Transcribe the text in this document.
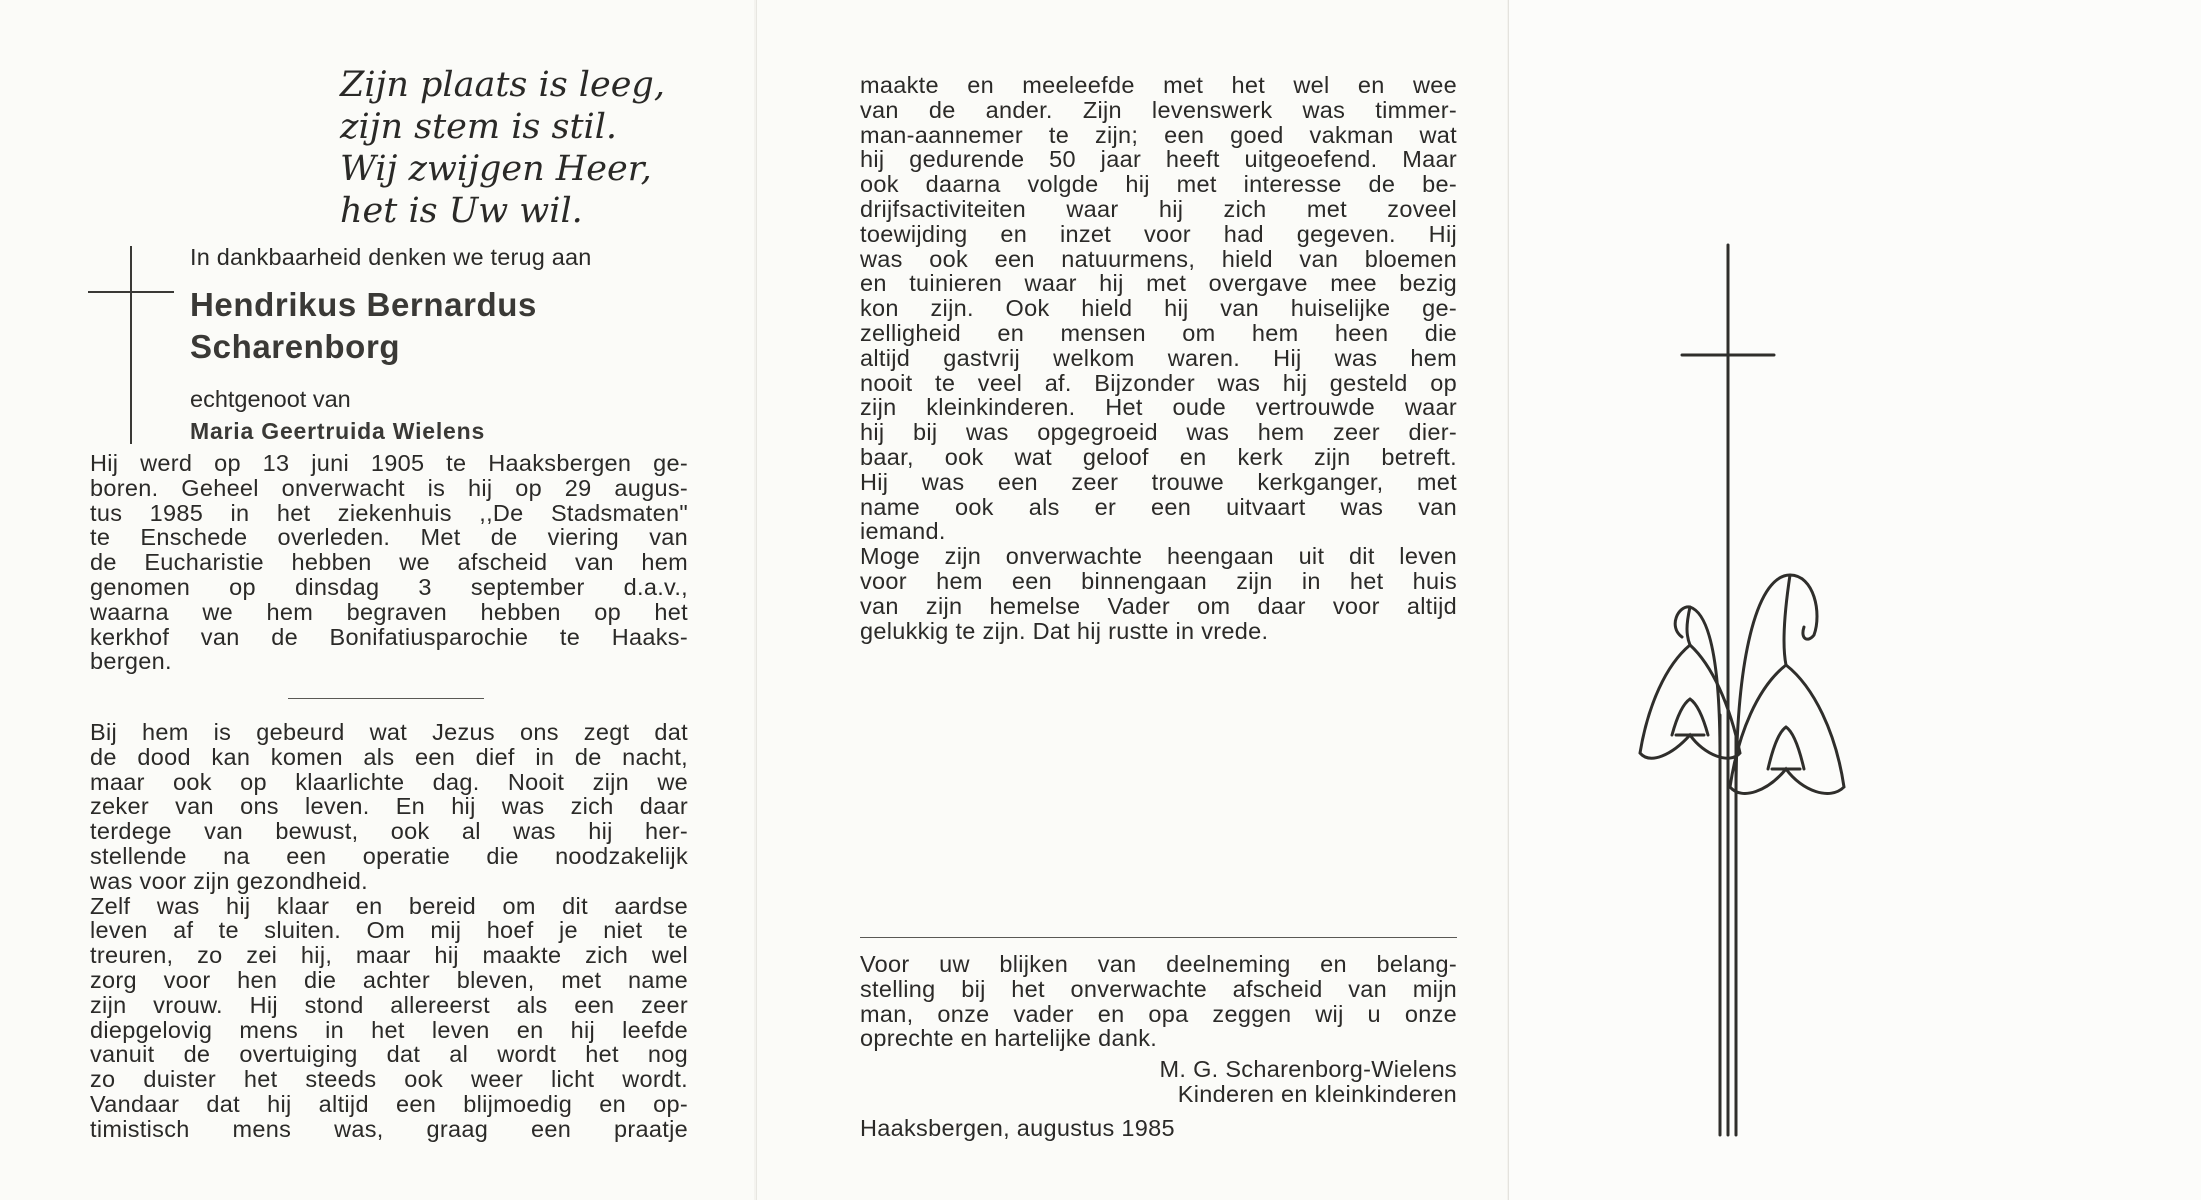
Zijn plaats is leeg,
zijn stem is stil.
Wij zwijgen Heer,
het is Uw wil.
In dankbaarheid denken we terug aan
Hendrikus Bernardus
Scharenborg
echtgenoot van
Maria Geertruida Wielens
Hij werd op 13 juni 1905 te Haaksbergen ge-
boren. Geheel onverwacht is hij op 29 augus-
tus 1985 in het ziekenhuis ,,De Stadsmaten"
te Enschede overleden. Met de viering van
de Eucharistie hebben we afscheid van hem
genomen op dinsdag 3 september d.a.v.,
waarna we hem begraven hebben op het
kerkhof van de Bonifatiusparochie te Haaks-
bergen.
Bij hem is gebeurd wat Jezus ons zegt dat
de dood kan komen als een dief in de nacht,
maar ook op klaarlichte dag. Nooit zijn we
zeker van ons leven. En hij was zich daar
terdege van bewust, ook al was hij her-
stellende na een operatie die noodzakelijk
was voor zijn gezondheid.
Zelf was hij klaar en bereid om dit aardse
leven af te sluiten. Om mij hoef je niet te
treuren, zo zei hij, maar hij maakte zich wel
zorg voor hen die achter bleven, met name
zijn vrouw. Hij stond allereerst als een zeer
diepgelovig mens in het leven en hij leefde
vanuit de overtuiging dat al wordt het nog
zo duister het steeds ook weer licht wordt.
Vandaar dat hij altijd een blijmoedig en op-
timistisch mens was, graag een praatje
maakte en meeleefde met het wel en wee
van de ander. Zijn levenswerk was timmer-
man-aannemer te zijn; een goed vakman wat
hij gedurende 50 jaar heeft uitgeoefend. Maar
ook daarna volgde hij met interesse de be-
drijfsactiviteiten waar hij zich met zoveel
toewijding en inzet voor had gegeven. Hij
was ook een natuurmens, hield van bloemen
en tuinieren waar hij met overgave mee bezig
kon zijn. Ook hield hij van huiselijke ge-
zelligheid en mensen om hem heen die
altijd gastvrij welkom waren. Hij was hem
nooit te veel af. Bijzonder was hij gesteld op
zijn kleinkinderen. Het oude vertrouwde waar
hij bij was opgegroeid was hem zeer dier-
baar, ook wat geloof en kerk zijn betreft.
Hij was een zeer trouwe kerkganger, met
name ook als er een uitvaart was van
iemand.
Moge zijn onverwachte heengaan uit dit leven
voor hem een binnengaan zijn in het huis
van zijn hemelse Vader om daar voor altijd
gelukkig te zijn. Dat hij rustte in vrede.
Voor uw blijken van deelneming en belang-
stelling bij het onverwachte afscheid van mijn
man, onze vader en opa zeggen wij u onze
oprechte en hartelijke dank.
M. G. Scharenborg-Wielens
Kinderen en kleinkinderen
Haaksbergen, augustus 1985
